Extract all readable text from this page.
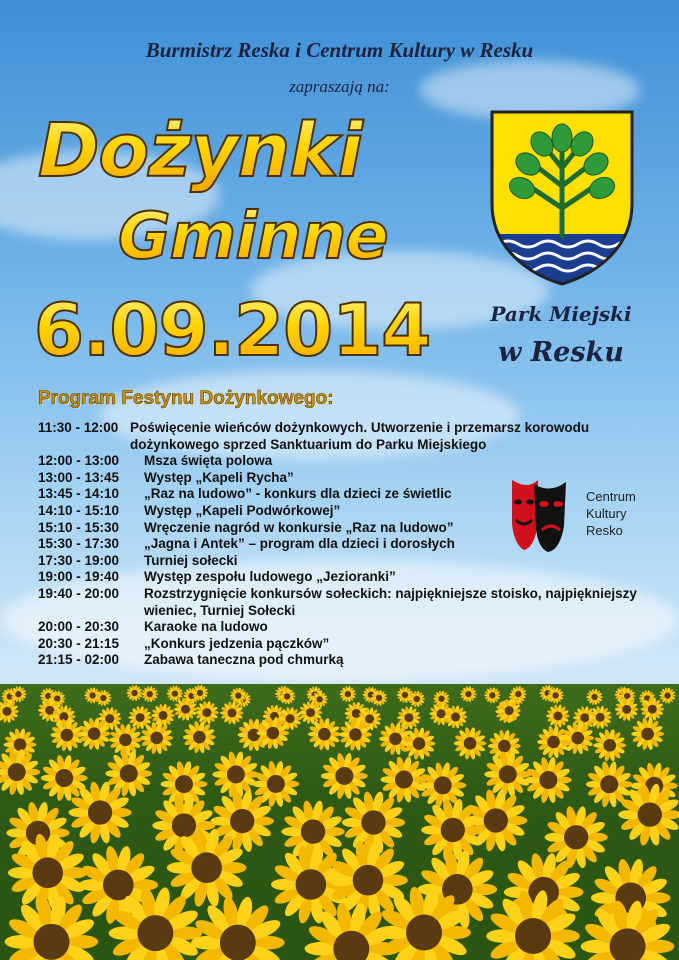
Burmistrz Reska i Centrum Kultury w Resku
zapraszają na:
Dożynki
Gminne
6.09.2014	Park Miejski
w Resku
Program Festynu Dożynkowego:
11:30 - 12:00 Poświęcenie wieńców dożynkowych. Utworzenie i przemarsz korowodu dożynkowego sprzed Sanktuarium do Parku Miejskiego
12:00 - 13:00	Msza święta polowa
13:00 - 13:45	Występ „Kapeli Rycha”
13:45 - 14:10	„Raz na ludowo” - konkurs dla dzieci ze świetlic
14:10 - 15:10	Występ „Kapeli Podwórkowej”
15:10 - 15:30	Wręczenie nagród w konkursie „Raz na ludowo”
15:30 - 17:30	„Jagna i Antek” – program dla dzieci i dorosłych
17:30 - 19:00	Turniej sołecki
19:00 - 19:40	Występ zespołu ludowego „Jezioranki”
19:40 - 20:00	Rozstrzygnięcie konkursów sołeckich: najpiękniejsze stoisko, najpiękniejszy wieniec, Turniej Sołecki
20:00 - 20:30	Karaoke na ludowo
20:30 - 21:15	„Konkurs jedzenia pączków”
21:15 - 02:00	Zabawa taneczna pod chmurką
Centrum
Kultury
Resko
